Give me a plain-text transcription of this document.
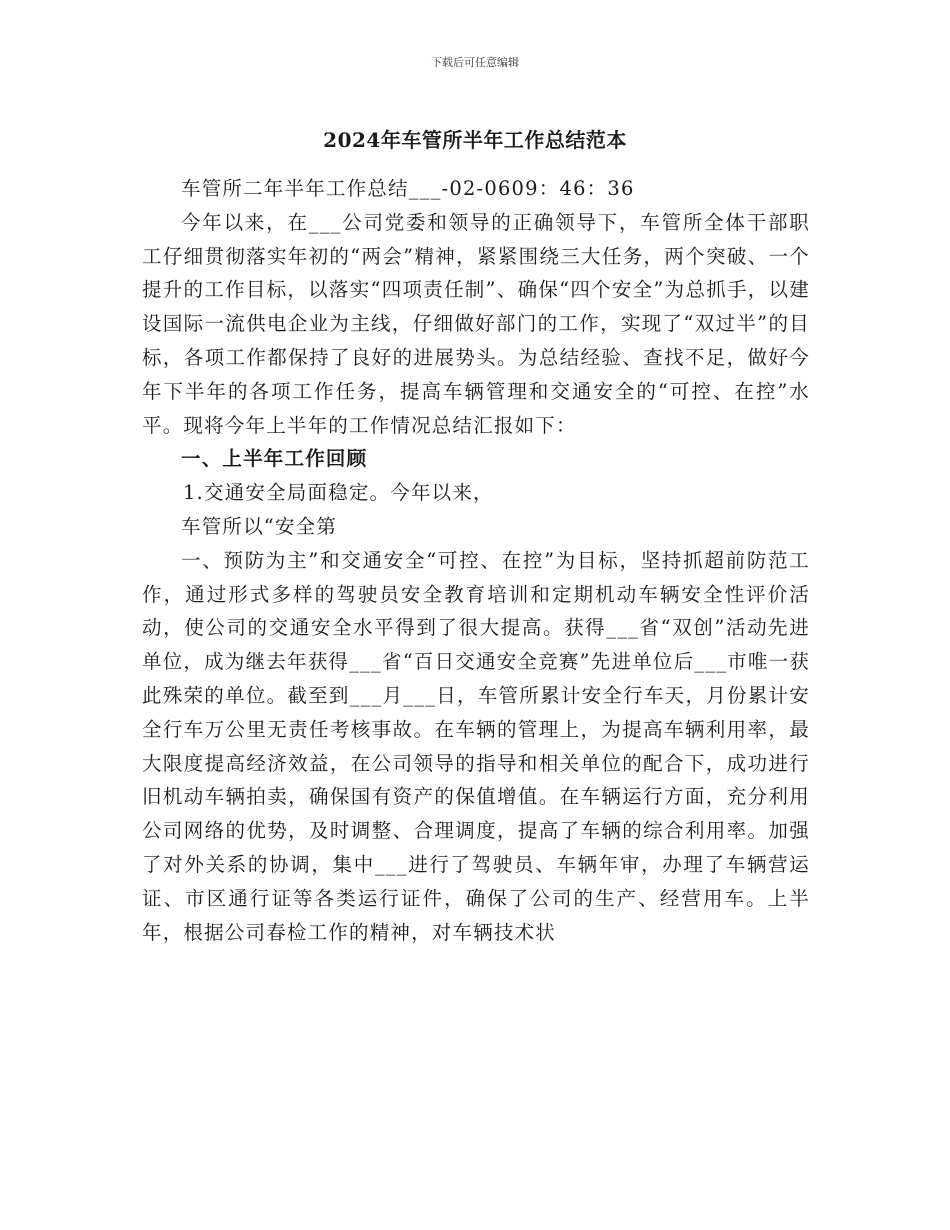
下载后可任意编辑
2024年车管所半年工作总结范本

车管所二年半年工作总结___-02-0609：46：36

今年以来，在___公司党委和领导的正确领导下，车管所全体干部职工仔细贯彻落实年初的“两会”精神，紧紧围绕三大任务，两个突破、一个提升的工作目标，以落实“四项责任制”、确保“四个安全”为总抓手，以建设国际一流供电企业为主线，仔细做好部门的工作，实现了“双过半”的目标，各项工作都保持了良好的进展势头。为总结经验、查找不足，做好今年下半年的各项工作任务，提高车辆管理和交通安全的“可控、在控”水平。现将今年上半年的工作情况总结汇报如下：

一、上半年工作回顾

1.交通安全局面稳定。今年以来，

车管所以“安全第

一、预防为主”和交通安全“可控、在控”为目标，坚持抓超前防范工作，通过形式多样的驾驶员安全教育培训和定期机动车辆安全性评价活动，使公司的交通安全水平得到了很大提高。获得___省“双创”活动先进单位，成为继去年获得___省“百日交通安全竞赛”先进单位后___市唯一获此殊荣的单位。截至到___月___日，车管所累计安全行车天，月份累计安全行车万公里无责任考核事故。在车辆的管理上，为提高车辆利用率，最大限度提高经济效益，在公司领导的指导和相关单位的配合下，成功进行旧机动车辆拍卖，确保国有资产的保值增值。在车辆运行方面，充分利用公司网络的优势，及时调整、合理调度，提高了车辆的综合利用率。加强了对外关系的协调，集中___进行了驾驶员、车辆年审，办理了车辆营运证、市区通行证等各类运行证件，确保了公司的生产、经营用车。上半年，根据公司春检工作的精神，对车辆技术状
